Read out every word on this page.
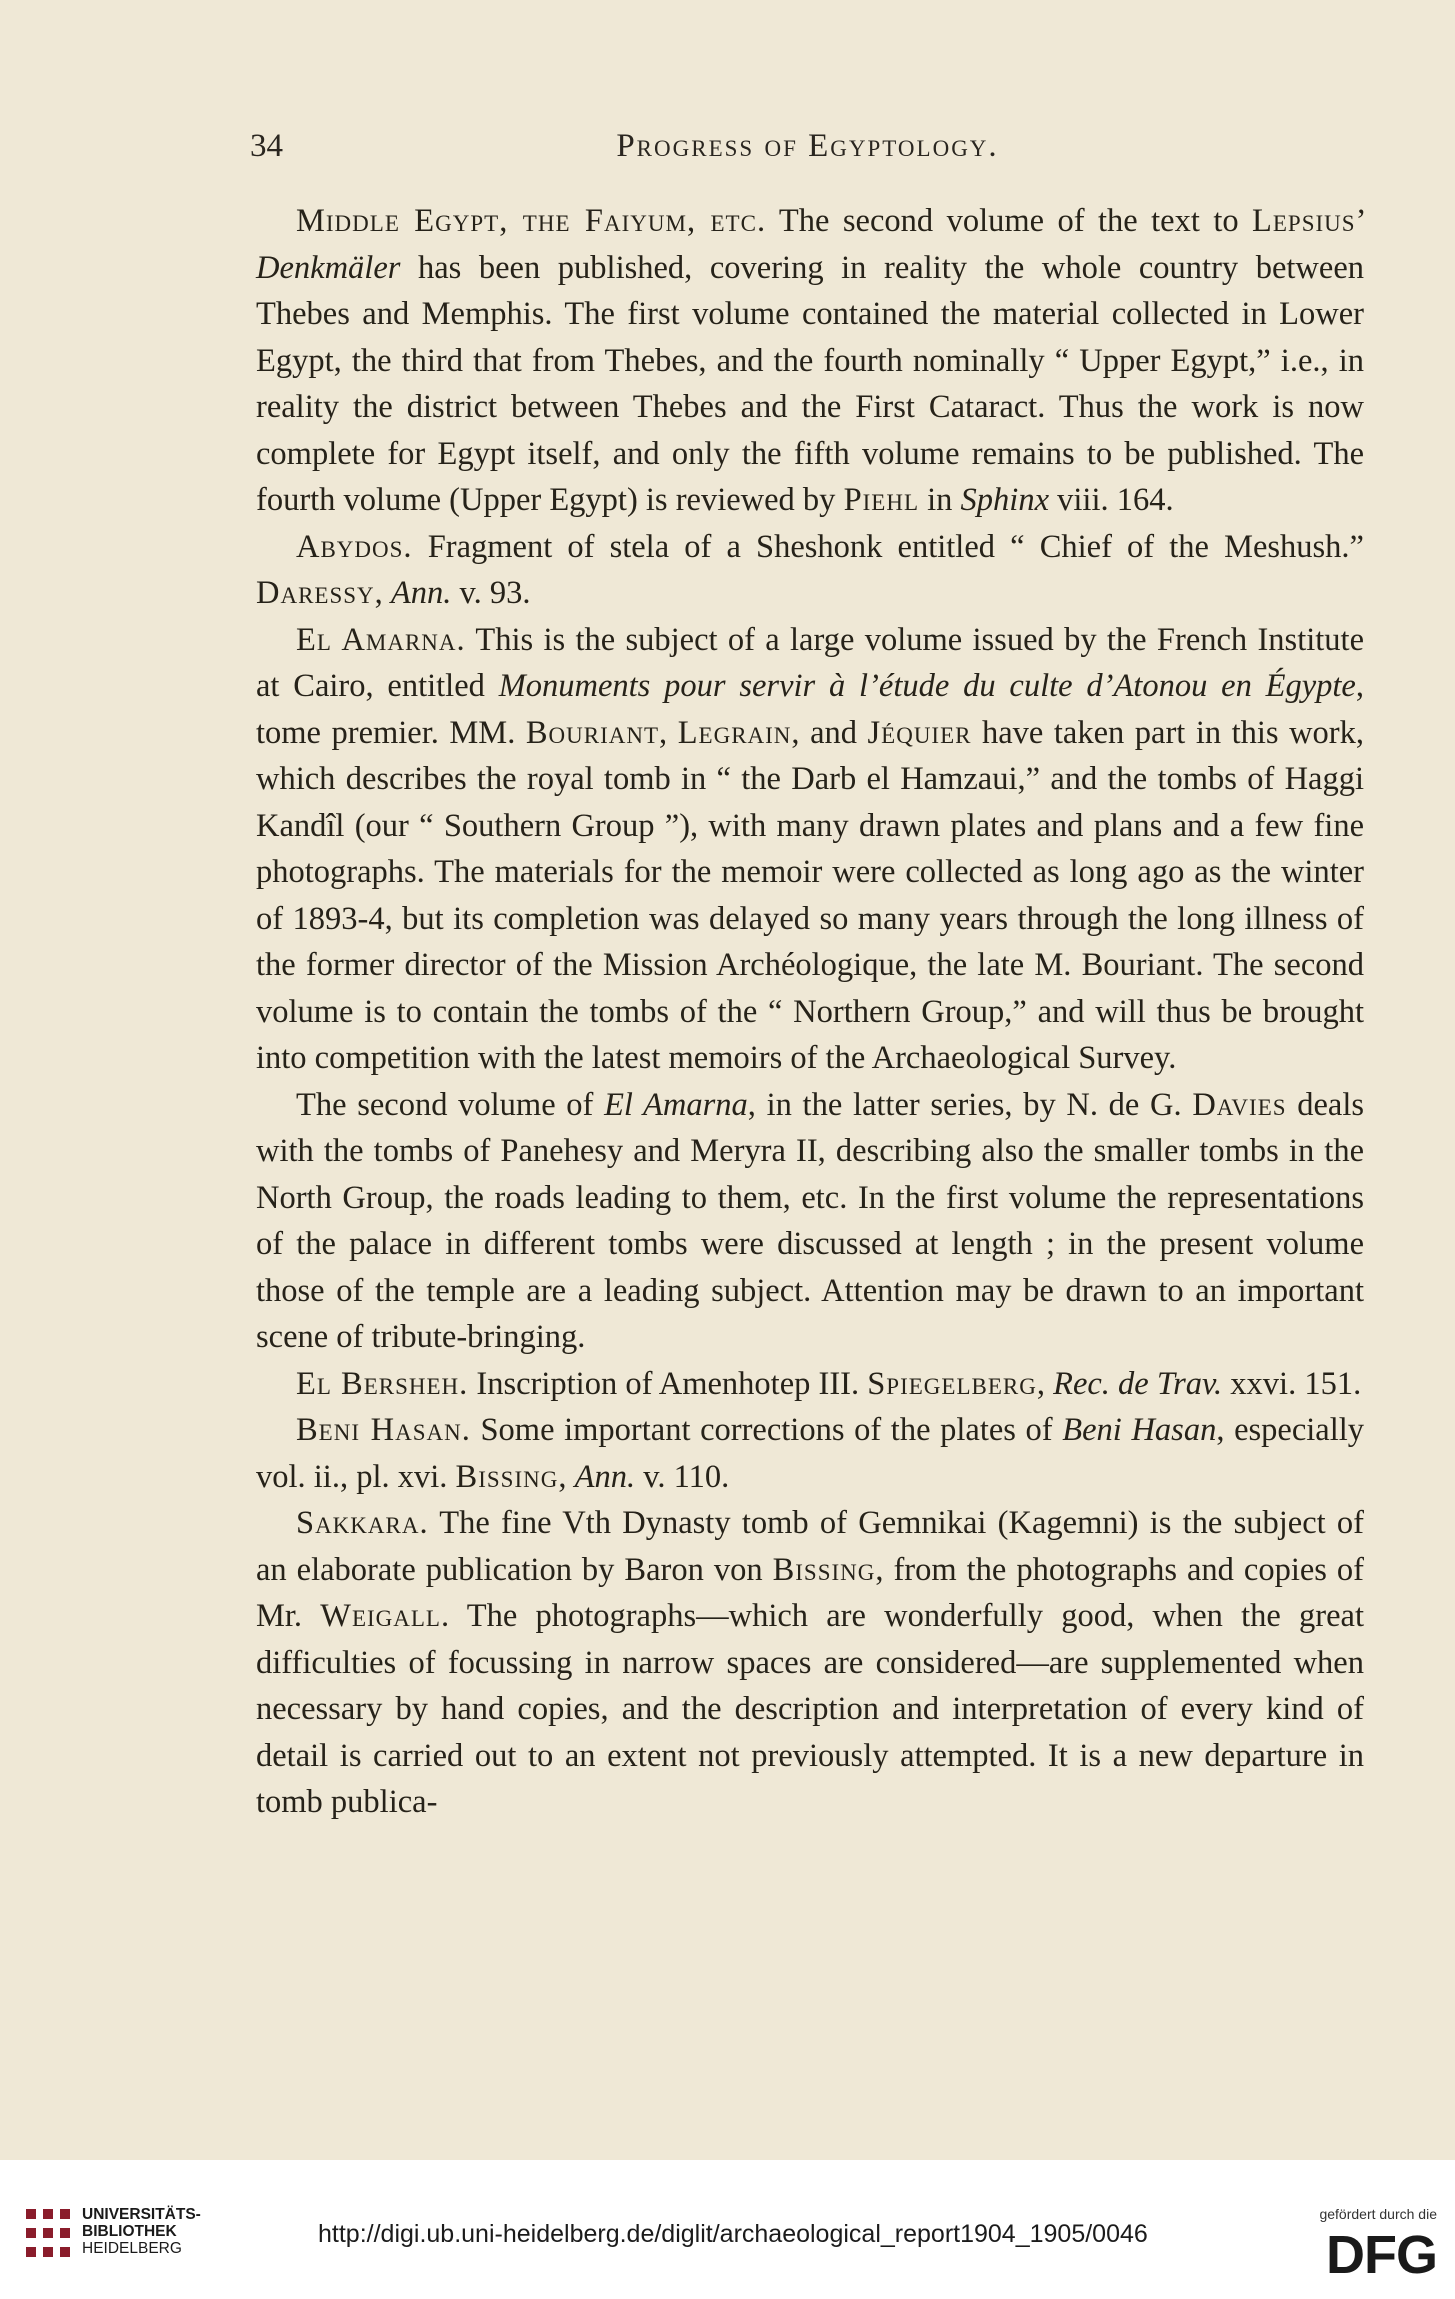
34	Progress of Egyptology.

Middle Egypt, the Faiyum, etc. The second volume of the text to Lepsius’ Denkmäler has been published, covering in reality the whole country between Thebes and Memphis. The first volume contained the material collected in Lower Egypt, the third that from Thebes, and the fourth nominally “ Upper Egypt,” i.e., in reality the district between Thebes and the First Cataract. Thus the work is now complete for Egypt itself, and only the fifth volume remains to be published. The fourth volume (Upper Egypt) is reviewed by Piehl in Sphinx viii. 164.

Abydos. Fragment of stela of a Sheshonk entitled “ Chief of the Meshush.” Daressy, Ann. v. 93.

El Amarna. This is the subject of a large volume issued by the French Institute at Cairo, entitled Monuments pour servir à l’étude du culte d’Atonou en Égypte, tome premier. MM. Bouriant, Legrain, and Jéquier have taken part in this work, which describes the royal tomb in “ the Darb el Hamzaui,” and the tombs of Haggi Kandîl (our “ Southern Group ”), with many drawn plates and plans and a few fine photographs. The materials for the memoir were collected as long ago as the winter of 1893-4, but its completion was delayed so many years through the long illness of the former director of the Mission Archéologique, the late M. Bouriant. The second volume is to contain the tombs of the “ Northern Group,” and will thus be brought into competition with the latest memoirs of the Archaeological Survey.

The second volume of El Amarna, in the latter series, by N. de G. Davies deals with the tombs of Panehesy and Meryra II, describing also the smaller tombs in the North Group, the roads leading to them, etc. In the first volume the representations of the palace in different tombs were discussed at length ; in the present volume those of the temple are a leading subject. Attention may be drawn to an important scene of tribute-bringing.

El Bersheh. Inscription of Amenhotep III. Spiegelberg, Rec. de Trav. xxvi. 151.

Beni Hasan. Some important corrections of the plates of Beni Hasan, especially vol. ii., pl. xvi. Bissing, Ann. v. 110.

Sakkara. The fine Vth Dynasty tomb of Gemnikai (Kagemni) is the subject of an elaborate publication by Baron von Bissing, from the photographs and copies of Mr. Weigall. The photographs—which are wonderfully good, when the great difficulties of focussing in narrow spaces are considered—are supplemented when necessary by hand copies, and the description and interpretation of every kind of detail is carried out to an extent not previously attempted. It is a new departure in tomb publica-

UNIVERSITÄTS-
BIBLIOTHEK
HEIDELBERG
http://digi.ub.uni-heidelberg.de/diglit/archaeological_report1904_1905/0046
gefördert durch die
DFG
